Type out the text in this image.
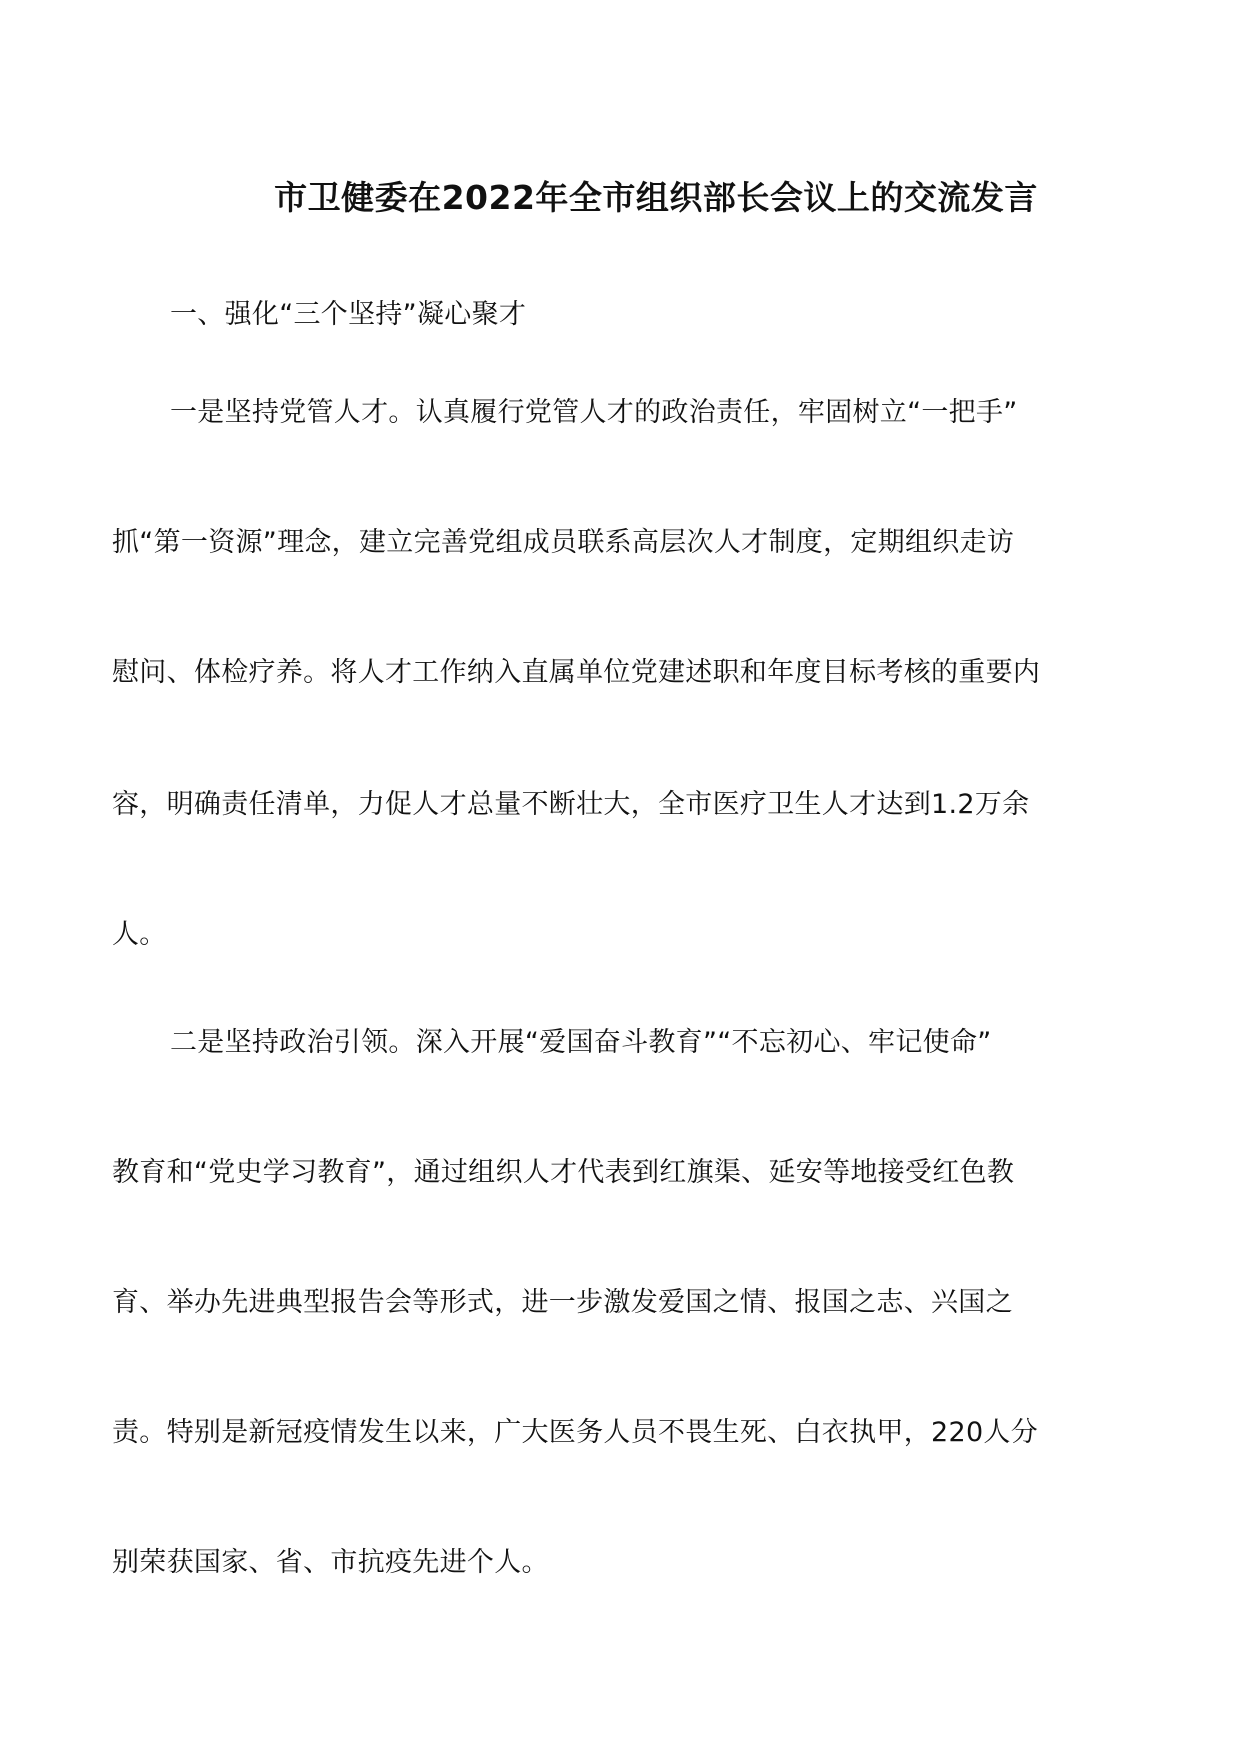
市卫健委在2022年全市组织部长会议上的交流发言
一、强化“三个坚持”凝心聚才
一是坚持党管人才。认真履行党管人才的政治责任，牢固树立“一把手”
抓“第一资源”理念，建立完善党组成员联系高层次人才制度，定期组织走访
慰问、体检疗养。将人才工作纳入直属单位党建述职和年度目标考核的重要内
容，明确责任清单，力促人才总量不断壮大，全市医疗卫生人才达到1.2万余
人。
二是坚持政治引领。深入开展“爱国奋斗教育”“不忘初心、牢记使命”
教育和“党史学习教育”，通过组织人才代表到红旗渠、延安等地接受红色教
育、举办先进典型报告会等形式，进一步激发爱国之情、报国之志、兴国之
责。特别是新冠疫情发生以来，广大医务人员不畏生死、白衣执甲，220人分
别荣获国家、省、市抗疫先进个人。
